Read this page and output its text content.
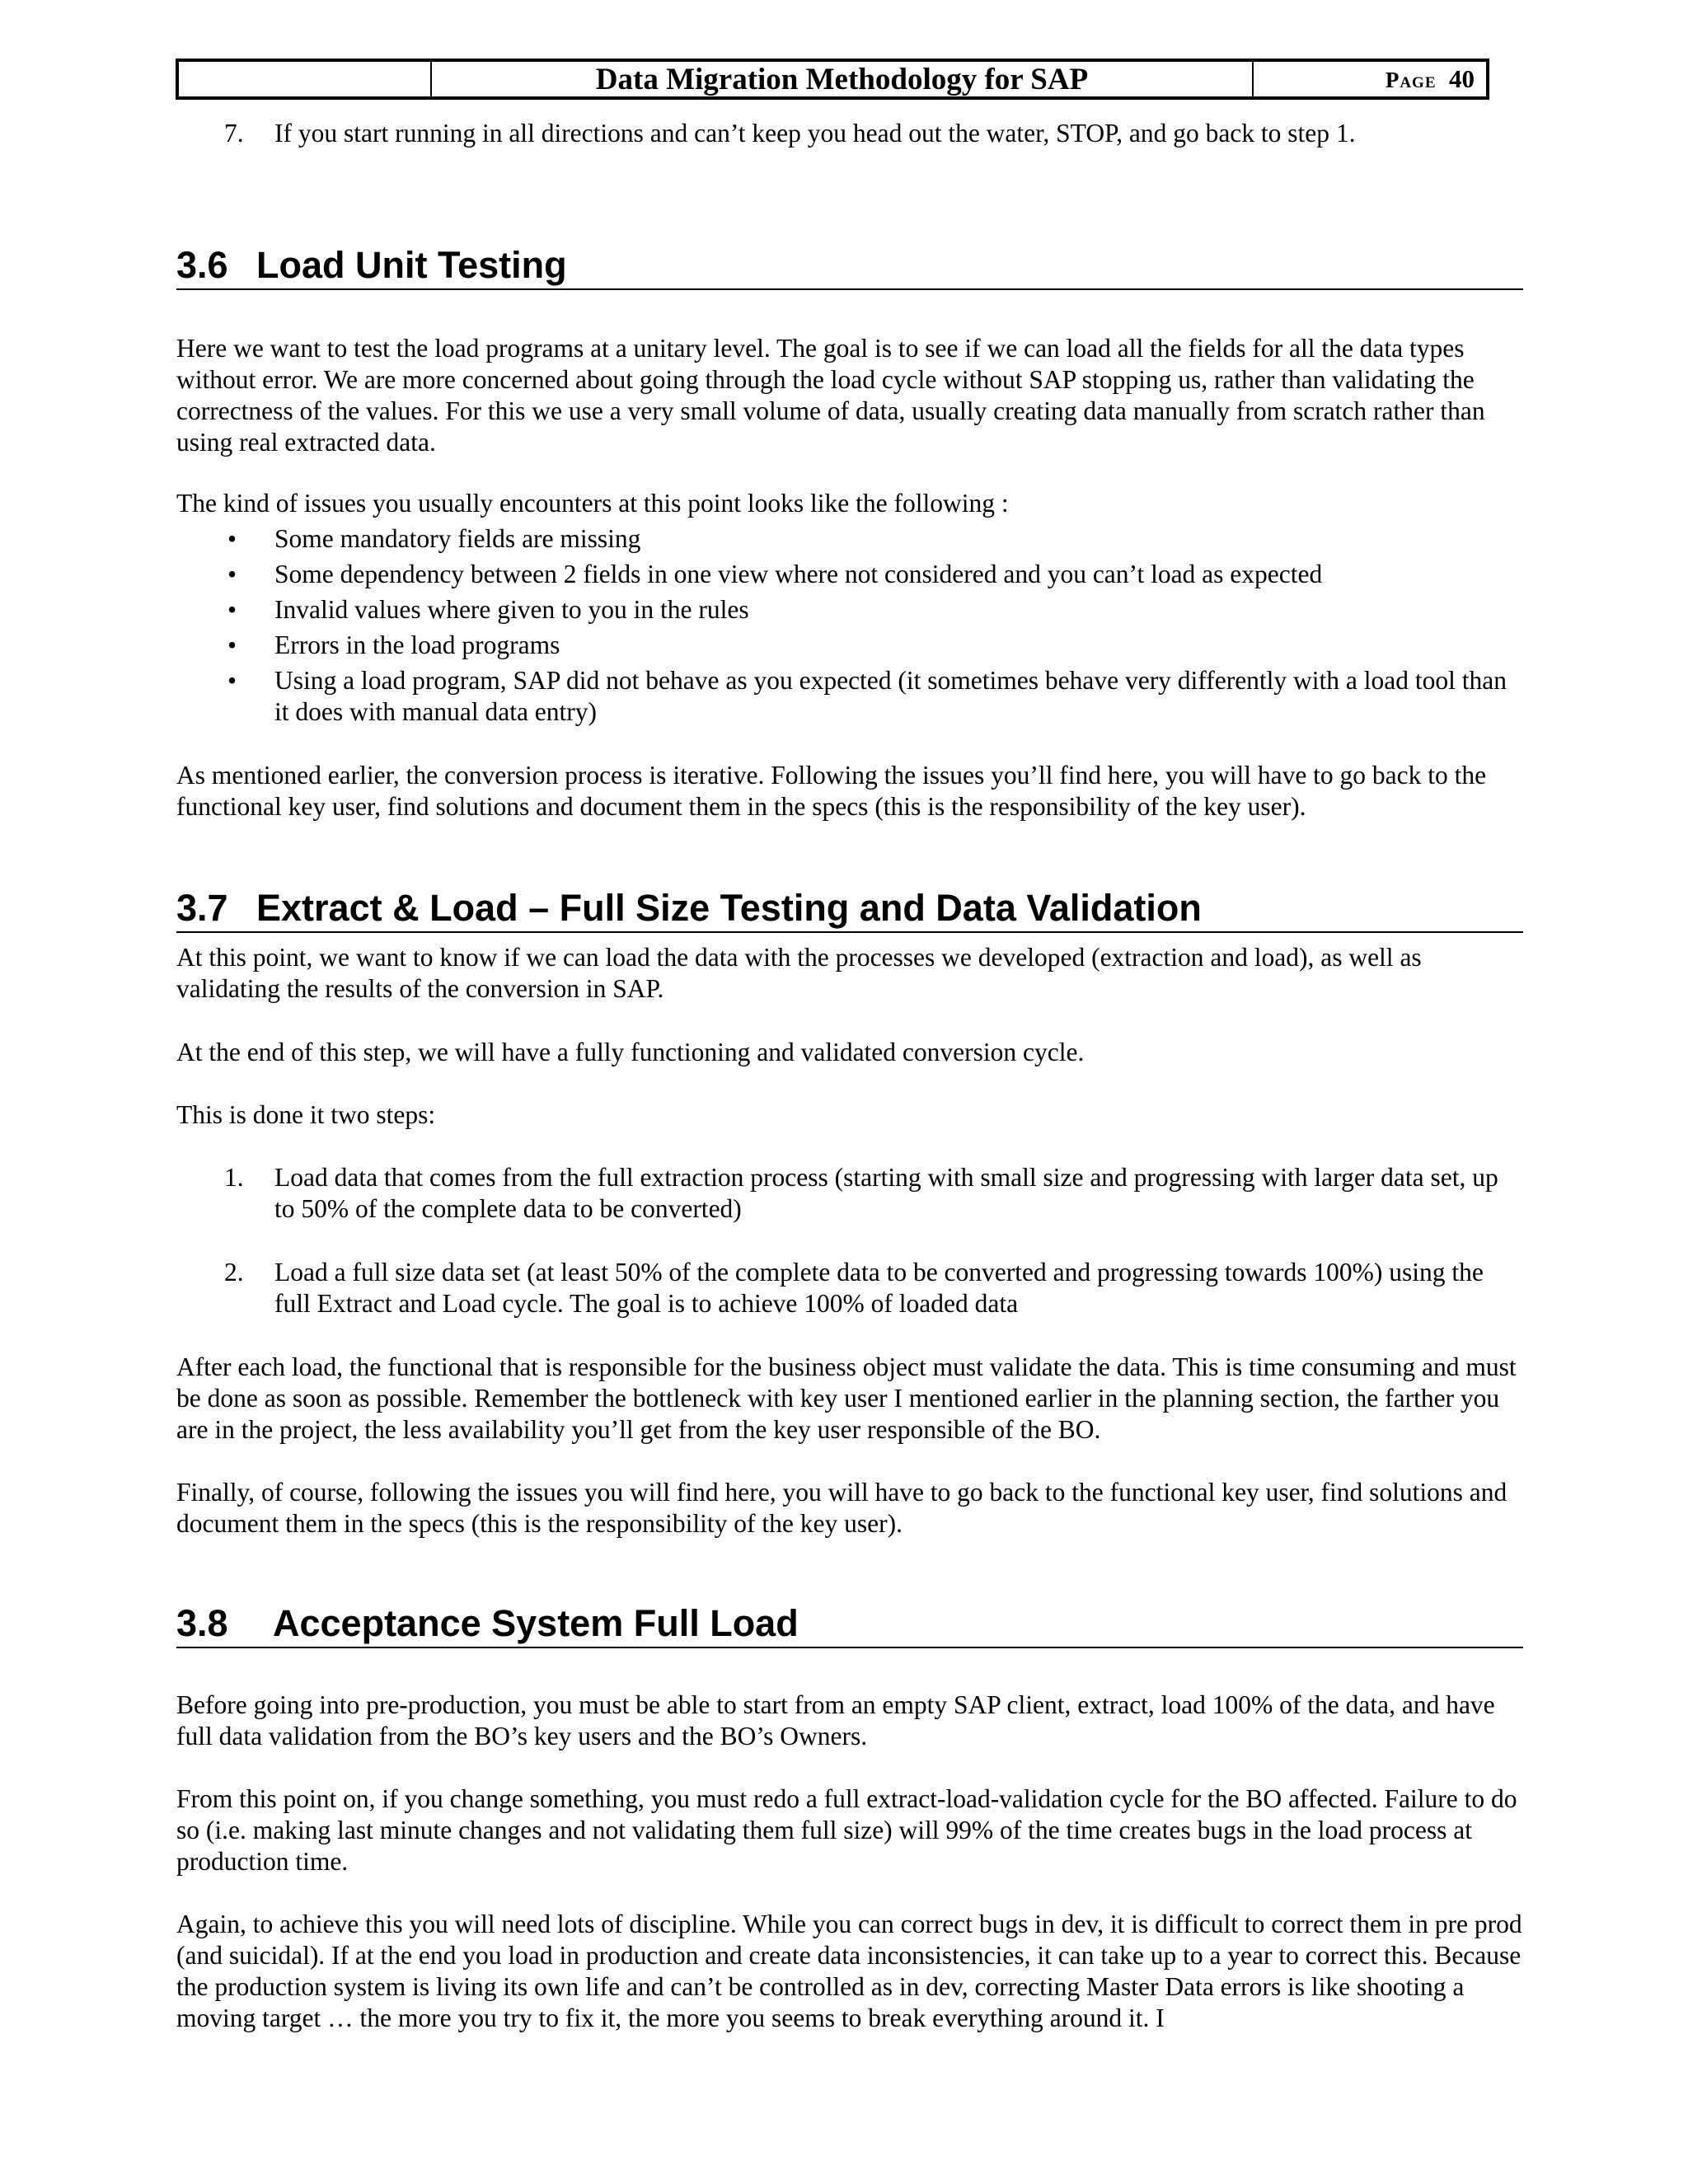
Data Migration Methodology for SAP	Page 40
7. If you start running in all directions and can’t keep you head out the water, STOP, and go back to step 1.

3.6 Load Unit Testing

Here we want to test the load programs at a unitary level. The goal is to see if we can load all the fields for all the data types without error. We are more concerned about going through the load cycle without SAP stopping us, rather than validating the correctness of the values. For this we use a very small volume of data, usually creating data manually from scratch rather than using real extracted data.

The kind of issues you usually encounters at this point looks like the following :

• Some mandatory fields are missing
• Some dependency between 2 fields in one view where not considered and you can’t load as expected
• Invalid values where given to you in the rules
• Errors in the load programs
• Using a load program, SAP did not behave as you expected (it sometimes behave very differently with a load tool than it does with manual data entry)

As mentioned earlier, the conversion process is iterative. Following the issues you’ll find here, you will have to go back to the functional key user, find solutions and document them in the specs (this is the responsibility of the key user).

3.7 Extract & Load – Full Size Testing and Data Validation

At this point, we want to know if we can load the data with the processes we developed (extraction and load), as well as validating the results of the conversion in SAP.

At the end of this step, we will have a fully functioning and validated conversion cycle.

This is done it two steps:

1. Load data that comes from the full extraction process (starting with small size and progressing with larger data set, up to 50% of the complete data to be converted)

2. Load a full size data set (at least 50% of the complete data to be converted and progressing towards 100%) using the full Extract and Load cycle. The goal is to achieve 100% of loaded data

After each load, the functional that is responsible for the business object must validate the data. This is time consuming and must be done as soon as possible. Remember the bottleneck with key user I mentioned earlier in the planning section, the farther you are in the project, the less availability you’ll get from the key user responsible of the BO.

Finally, of course, following the issues you will find here, you will have to go back to the functional key user, find solutions and document them in the specs (this is the responsibility of the key user).

3.8 Acceptance System Full Load

Before going into pre-production, you must be able to start from an empty SAP client, extract, load 100% of the data, and have full data validation from the BO’s key users and the BO’s Owners.

From this point on, if you change something, you must redo a full extract-load-validation cycle for the BO affected. Failure to do so (i.e. making last minute changes and not validating them full size) will 99% of the time creates bugs in the load process at production time.

Again, to achieve this you will need lots of discipline. While you can correct bugs in dev, it is difficult to correct them in pre prod (and suicidal). If at the end you load in production and create data inconsistencies, it can take up to a year to correct this. Because the production system is living its own life and can’t be controlled as in dev, correcting Master Data errors is like shooting a moving target … the more you try to fix it, the more you seems to break everything around it. I
